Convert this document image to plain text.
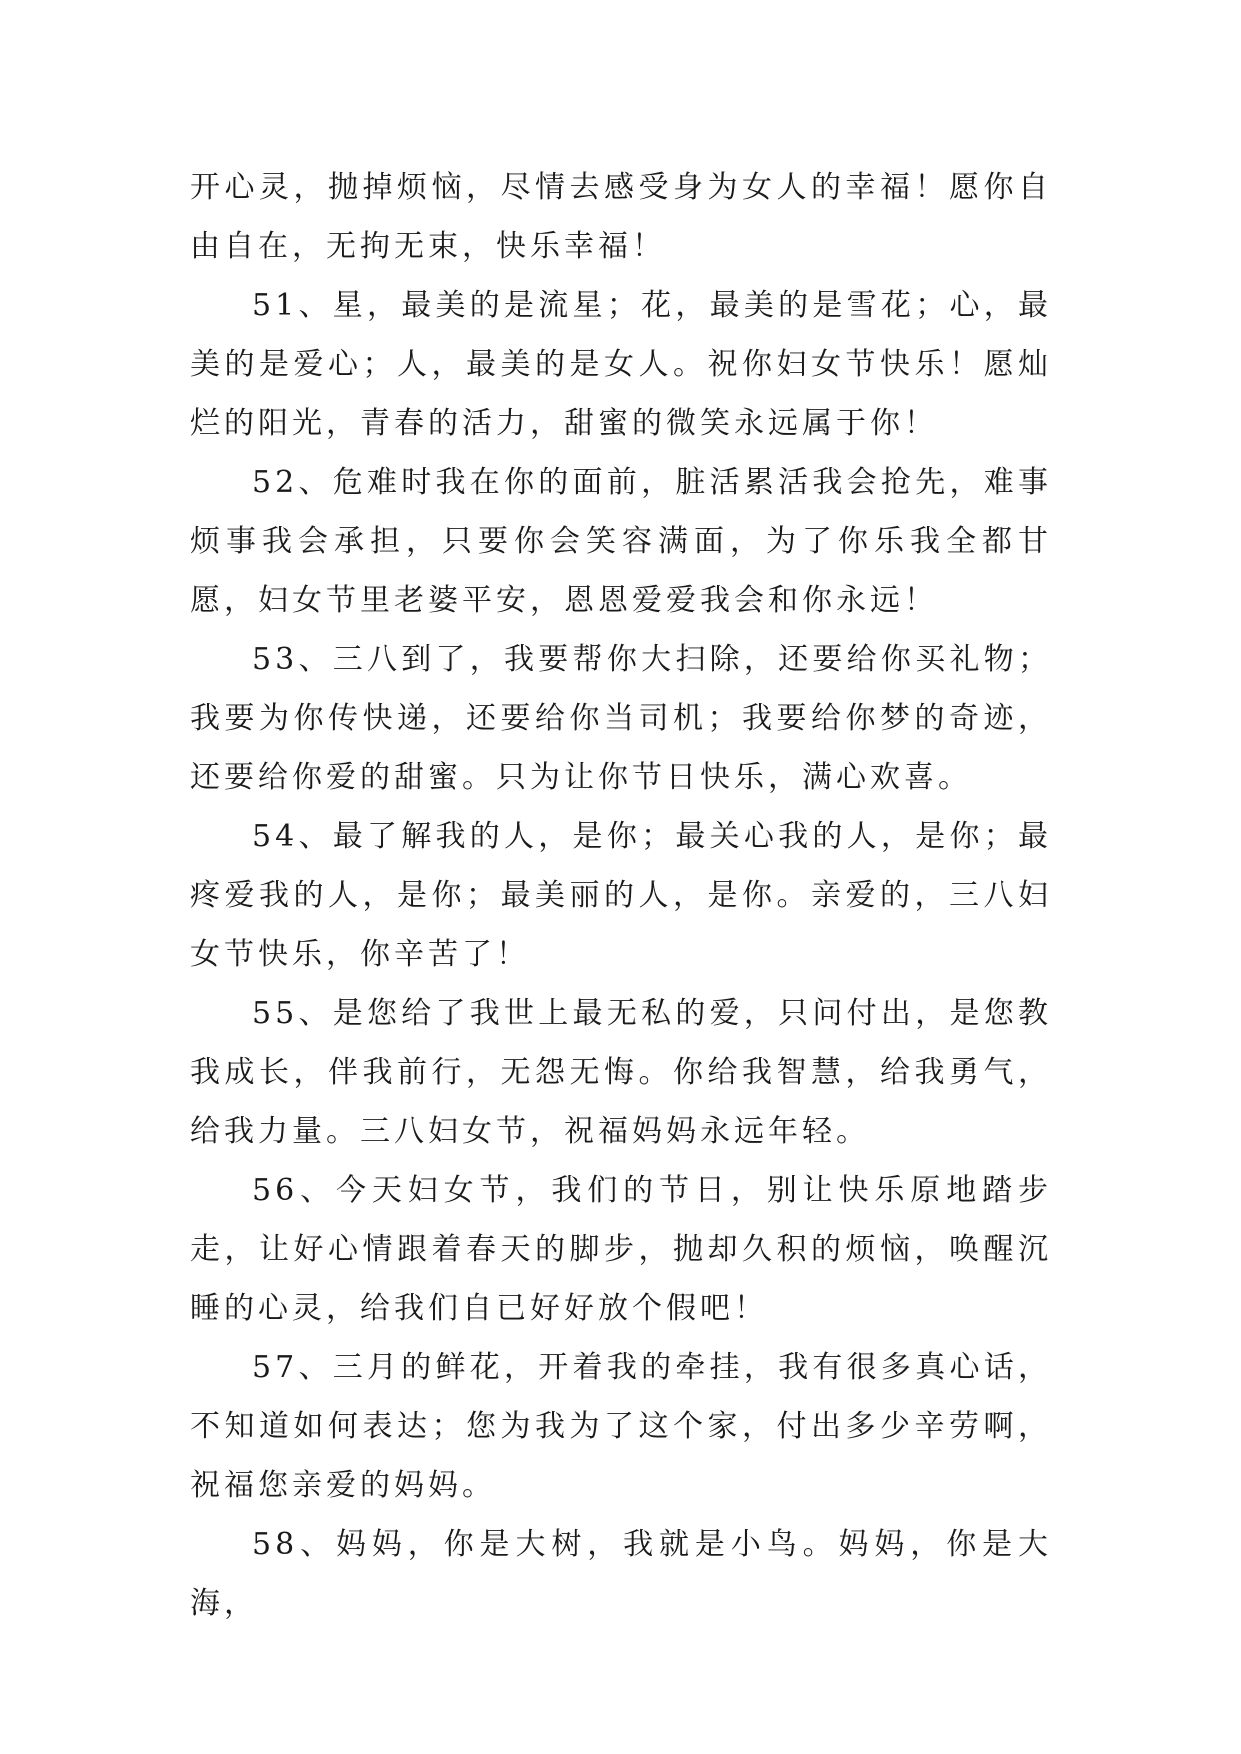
开心灵，抛掉烦恼，尽情去感受身为女人的幸福！愿你自由自在，无拘无束，快乐幸福！

51、星，最美的是流星；花，最美的是雪花；心，最美的是爱心；人，最美的是女人。祝你妇女节快乐！愿灿烂的阳光，青春的活力，甜蜜的微笑永远属于你！

52、危难时我在你的面前，脏活累活我会抢先，难事烦事我会承担，只要你会笑容满面，为了你乐我全都甘愿，妇女节里老婆平安，恩恩爱爱我会和你永远！

53、三八到了，我要帮你大扫除，还要给你买礼物；我要为你传快递，还要给你当司机；我要给你梦的奇迹，还要给你爱的甜蜜。只为让你节日快乐，满心欢喜。

54、最了解我的人，是你；最关心我的人，是你；最疼爱我的人，是你；最美丽的人，是你。亲爱的，三八妇女节快乐，你辛苦了！

55、是您给了我世上最无私的爱，只问付出，是您教我成长，伴我前行，无怨无悔。你给我智慧，给我勇气，给我力量。三八妇女节，祝福妈妈永远年轻。

56、今天妇女节，我们的节日，别让快乐原地踏步走，让好心情跟着春天的脚步，抛却久积的烦恼，唤醒沉睡的心灵，给我们自已好好放个假吧！

57、三月的鲜花，开着我的牵挂，我有很多真心话，不知道如何表达；您为我为了这个家，付出多少辛劳啊，祝福您亲爱的妈妈。

58、妈妈，你是大树，我就是小鸟。妈妈，你是大海，
